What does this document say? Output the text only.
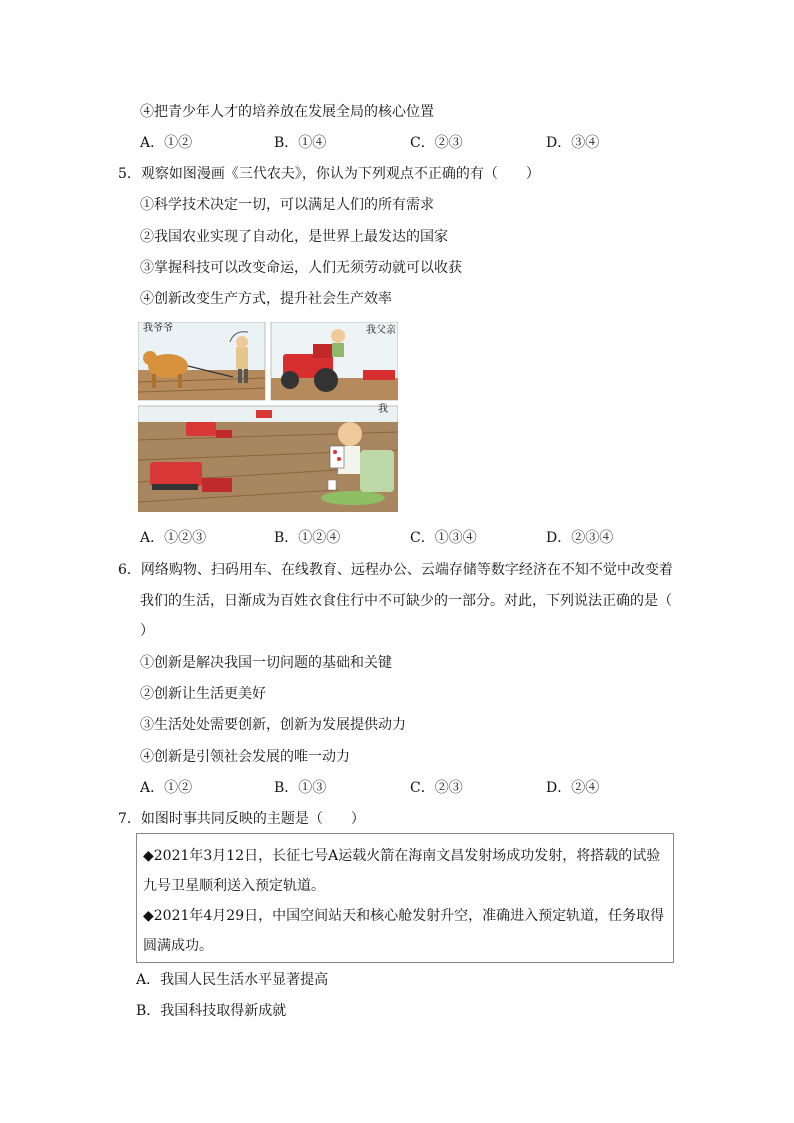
④把青少年人才的培养放在发展全局的核心位置
A．①②	B．①④	C．②③	D．③④
5．观察如图漫画《三代农夫》，你认为下列观点不正确的有（　　）
①科学技术决定一切，可以满足人们的所有需求
②我国农业实现了自动化，是世界上最发达的国家
③掌握科技可以改变命运，人们无须劳动就可以收获
④创新改变生产方式，提升社会生产效率
我爷爷	我父亲
我
A．①②③	B．①②④	C．①③④	D．②③④
6．网络购物、扫码用车、在线教育、远程办公、云端存储等数字经济在不知不觉中改变着
我们的生活，日渐成为百姓衣食住行中不可缺少的一部分。对此，下列说法正确的是（
）
①创新是解决我国一切问题的基础和关键
②创新让生活更美好
③生活处处需要创新，创新为发展提供动力
④创新是引领社会发展的唯一动力
A．①②	B．①③	C．②③	D．②④
7．如图时事共同反映的主题是（　　）
◆2021年3月12日，长征七号A运载火箭在海南文昌发射场成功发射，将搭载的试验
九号卫星顺利送入预定轨道。
◆2021年4月29日，中国空间站天和核心舱发射升空，准确进入预定轨道，任务取得
圆满成功。
A．我国人民生活水平显著提高
B．我国科技取得新成就
